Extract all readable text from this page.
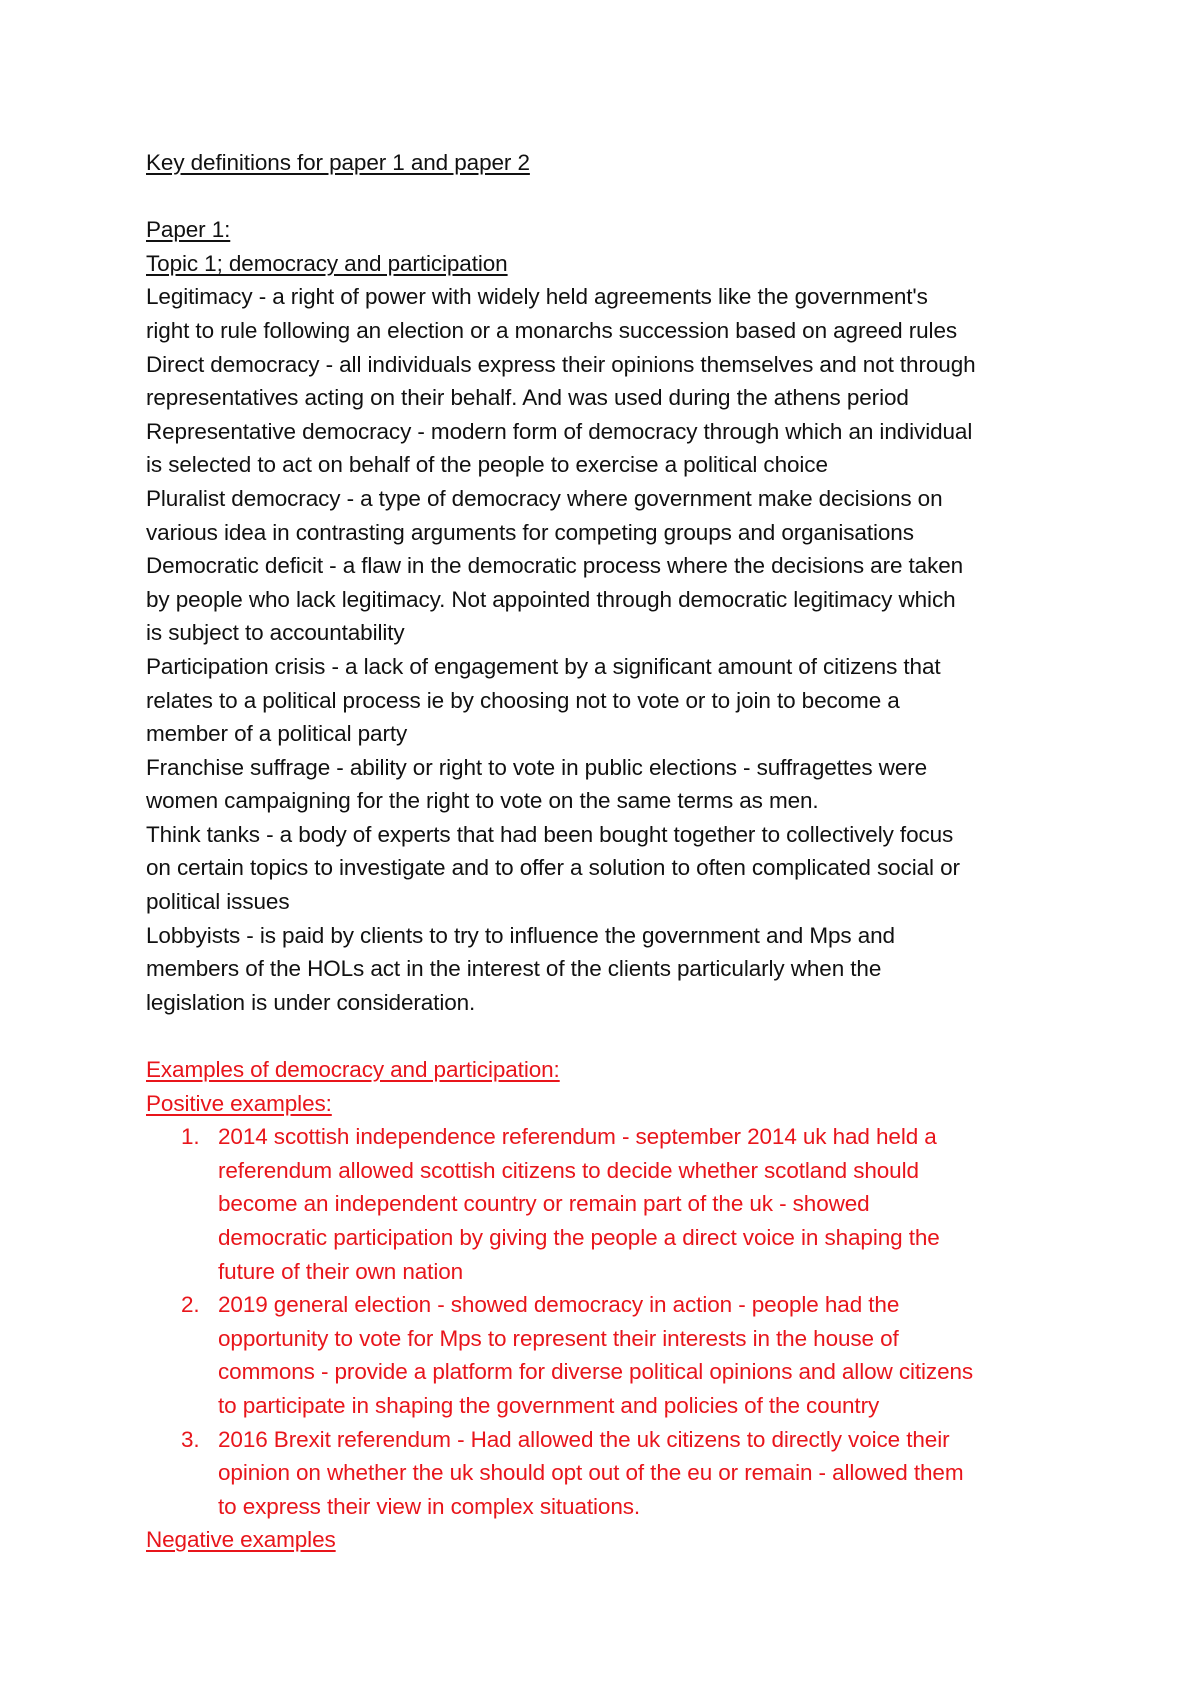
Key definitions for paper 1 and paper 2
Paper 1:
Topic 1; democracy and participation
Legitimacy - a right of power with widely held agreements like the government's
right to rule following an election or a monarchs succession based on agreed rules
Direct democracy - all individuals express their opinions themselves and not through
representatives acting on their behalf. And was used during the athens period
Representative democracy - modern form of democracy through which an individual
is selected to act on behalf of the people to exercise a political choice
Pluralist democracy - a type of democracy where government make decisions on
various idea in contrasting arguments for competing groups and organisations
Democratic deficit - a flaw in the democratic process where the decisions are taken
by people who lack legitimacy. Not appointed through democratic legitimacy which
is subject to accountability
Participation crisis - a lack of engagement by a significant amount of citizens that
relates to a political process ie by choosing not to vote or to join to become a
member of a political party
Franchise suffrage - ability or right to vote in public elections - suffragettes were
women campaigning for the right to vote on the same terms as men.
Think tanks - a body of experts that had been bought together to collectively focus
on certain topics to investigate and to offer a solution to often complicated social or
political issues
Lobbyists - is paid by clients to try to influence the government and Mps and
members of the HOLs act in the interest of the clients particularly when the
legislation is under consideration.
Examples of democracy and participation:
Positive examples:
1. 2014 scottish independence referendum - september 2014 uk had held a
referendum allowed scottish citizens to decide whether scotland should
become an independent country or remain part of the uk - showed
democratic participation by giving the people a direct voice in shaping the
future of their own nation
2. 2019 general election - showed democracy in action - people had the
opportunity to vote for Mps to represent their interests in the house of
commons - provide a platform for diverse political opinions and allow citizens
to participate in shaping the government and policies of the country
3. 2016 Brexit referendum - Had allowed the uk citizens to directly voice their
opinion on whether the uk should opt out of the eu or remain - allowed them
to express their view in complex situations.
Negative examples
